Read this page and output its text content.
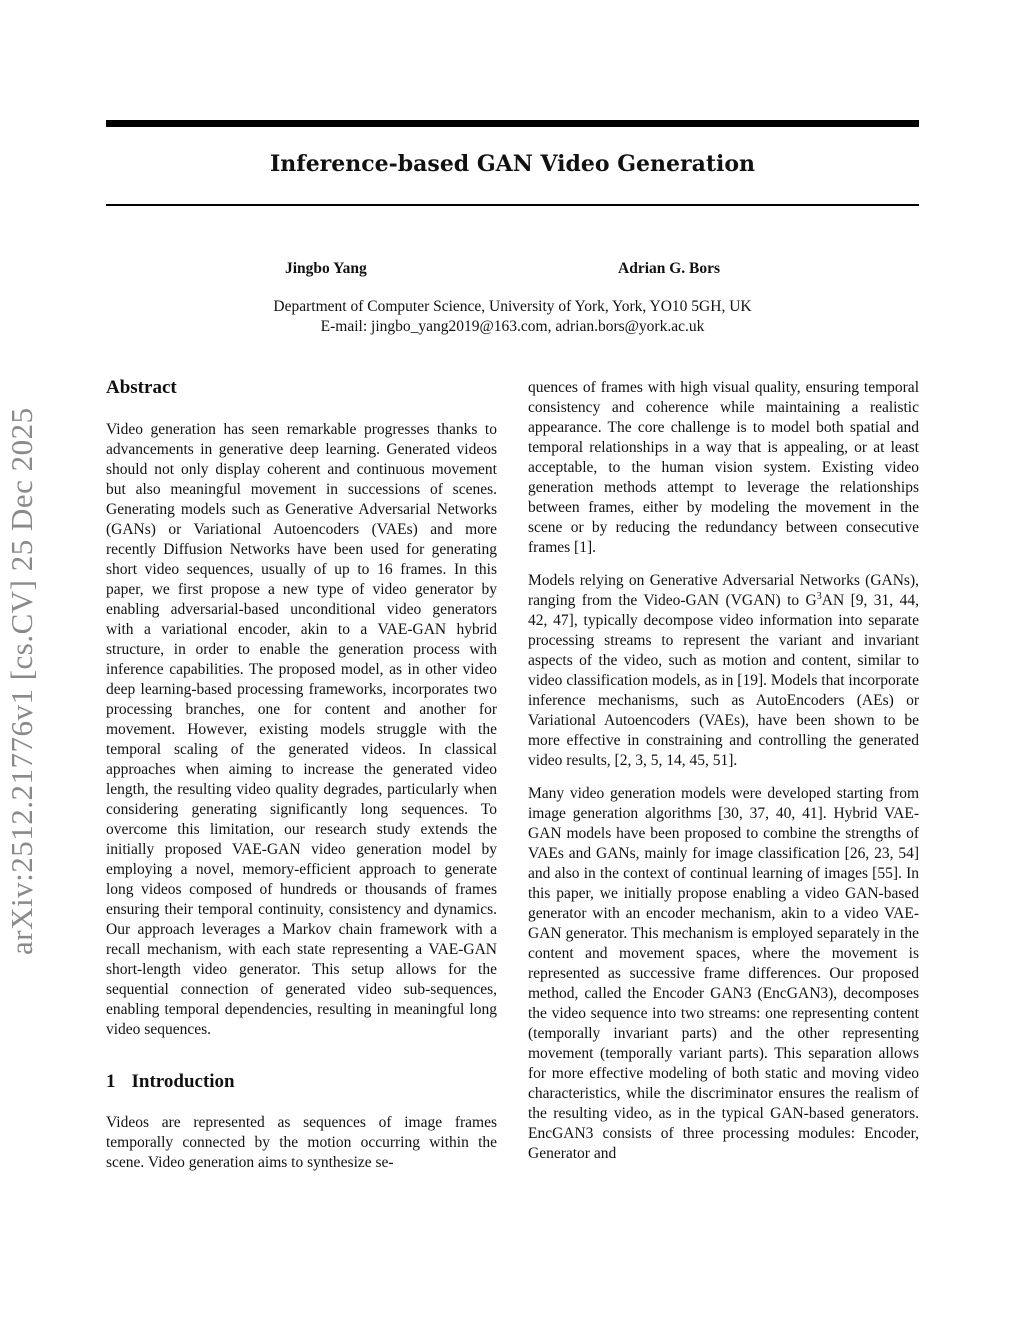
Inference-based GAN Video Generation
Jingbo Yang	Adrian G. Bors
Department of Computer Science, University of York, York, YO10 5GH, UK
E-mail: jingbo_yang2019@163.com, adrian.bors@york.ac.uk
arXiv:2512.21776v1 [cs.CV] 25 Dec 2025
Abstract

Video generation has seen remarkable progresses thanks to advancements in generative deep learning. Generated videos should not only display coherent and continuous movement but also meaningful movement in successions of scenes. Generating models such as Generative Adversarial Networks (GANs) or Variational Autoencoders (VAEs) and more recently Diffusion Networks have been used for generating short video sequences, usually of up to 16 frames. In this paper, we first propose a new type of video generator by enabling adversarial-based unconditional video generators with a variational encoder, akin to a VAE-GAN hybrid structure, in order to enable the generation process with inference capabilities. The proposed model, as in other video deep learning-based processing frameworks, incorporates two processing branches, one for content and another for movement. However, existing models struggle with the temporal scaling of the generated videos. In classical approaches when aiming to increase the generated video length, the resulting video quality degrades, particularly when considering generating significantly long sequences. To overcome this limitation, our research study extends the initially proposed VAE-GAN video generation model by employing a novel, memory-efficient approach to generate long videos composed of hundreds or thousands of frames ensuring their temporal continuity, consistency and dynamics. Our approach leverages a Markov chain framework with a recall mechanism, with each state representing a VAE-GAN short-length video generator. This setup allows for the sequential connection of generated video sub-sequences, enabling temporal dependencies, resulting in meaningful long video sequences.

1 Introduction

Videos are represented as sequences of image frames temporally connected by the motion occurring within the scene. Video generation aims to synthesize se-

quences of frames with high visual quality, ensuring temporal consistency and coherence while maintaining a realistic appearance. The core challenge is to model both spatial and temporal relationships in a way that is appealing, or at least acceptable, to the human vision system. Existing video generation methods attempt to leverage the relationships between frames, either by modeling the movement in the scene or by reducing the redundancy between consecutive frames [1].

Models relying on Generative Adversarial Networks (GANs), ranging from the Video-GAN (VGAN) to $G^3AN$ [9, 31, 44, 42, 47], typically decompose video information into separate processing streams to represent the variant and invariant aspects of the video, such as motion and content, similar to video classification models, as in [19]. Models that incorporate inference mechanisms, such as AutoEncoders (AEs) or Variational Autoencoders (VAEs), have been shown to be more effective in constraining and controlling the generated video results, [2, 3, 5, 14, 45, 51].

Many video generation models were developed starting from image generation algorithms [30, 37, 40, 41]. Hybrid VAE-GAN models have been proposed to combine the strengths of VAEs and GANs, mainly for image classification [26, 23, 54] and also in the context of continual learning of images [55]. In this paper, we initially propose enabling a video GAN-based generator with an encoder mechanism, akin to a video VAE-GAN generator. This mechanism is employed separately in the content and movement spaces, where the movement is represented as successive frame differences. Our proposed method, called the Encoder GAN3 (EncGAN3), decomposes the video sequence into two streams: one representing content (temporally invariant parts) and the other representing movement (temporally variant parts). This separation allows for more effective modeling of both static and moving video characteristics, while the discriminator ensures the realism of the resulting video, as in the typical GAN-based generators. EncGAN3 consists of three processing modules: Encoder, Generator and
